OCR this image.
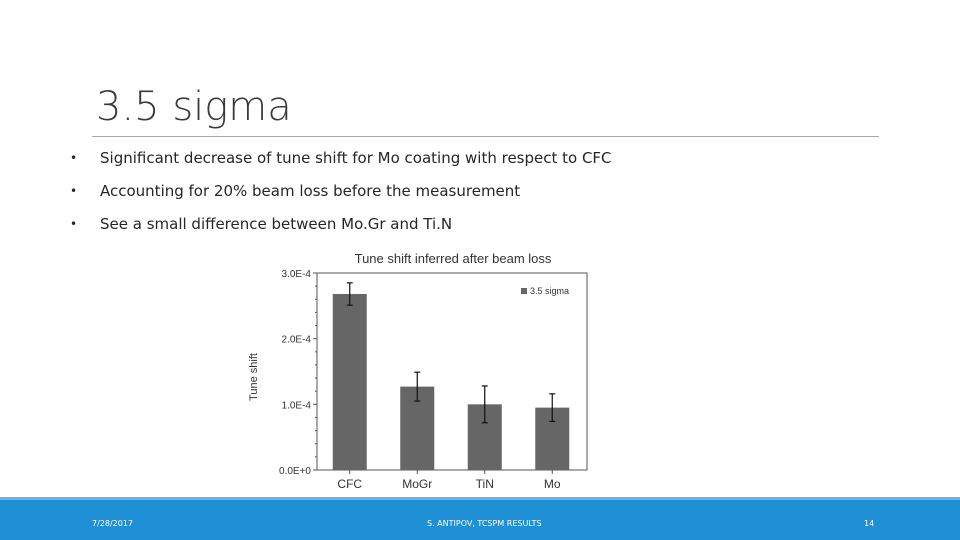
3.5 sigma
• Significant decrease of tune shift for Mo coating with respect to CFC
• Accounting for 20% beam loss before the measurement
• See a small difference between Mo.Gr and Ti.N
Tune shift inferred after beam loss
Tune shift
0.0E+0
1.0E-4
2.0E-4
3.0E-4
CFC	MoGr	TiN	Mo
3.5 sigma
7/28/2017	S. ANTIPOV, TCSPM RESULTS	14
